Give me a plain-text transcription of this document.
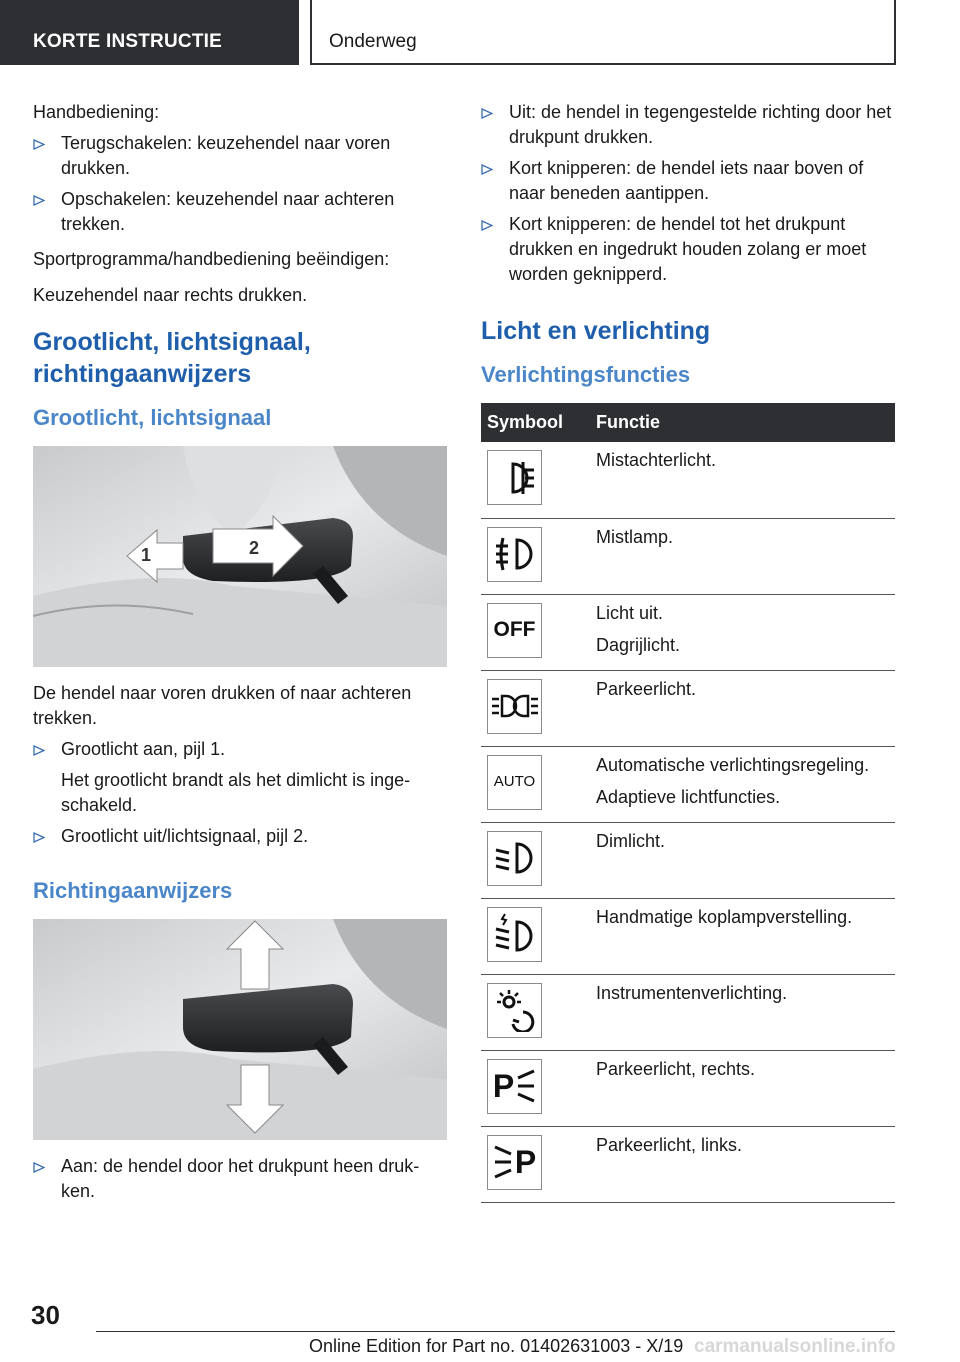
KORTE INSTRUCTIE	Onderweg

Handbediening:

Terugschakelen: keuzehendel naar voren drukken.
Opschakelen: keuzehendel naar achteren trekken.

Sportprogramma/handbediening beëindigen:

Keuzehendel naar rechts drukken.

Grootlicht, lichtsignaal, richtingaanwijzers
Grootlicht, lichtsignaal
1	2

De hendel naar voren drukken of naar achteren trekken.

Grootlicht aan, pijl 1.
Het grootlicht brandt als het dimlicht is inge-schakeld.
Grootlicht uit/lichtsignaal, pijl 2.
Richtingaanwijzers
Aan: de hendel door het drukpunt heen druk-ken.
Uit: de hendel in tegengestelde richting door het drukpunt drukken.
Kort knipperen: de hendel iets naar boven of naar beneden aantippen.
Kort knipperen: de hendel tot het drukpunt drukken en ingedrukt houden zolang er moet worden geknipperd.
Licht en verlichting
Verlichtingsfuncties
Symbool	Functie

Mistachterlicht.

Mistlamp.

OFF	Licht uit.
Dagrijlicht.

Parkeerlicht.

AUTO	Automatische verlichtingsregeling.
Adaptieve lichtfuncties.

Dimlicht.

Handmatige koplampverstelling.

Instrumentenverlichting.

P	Parkeerlicht, rechts.

P	Parkeerlicht, links.
30
Online Edition for Part no. 01402631003 - X/19 carmanualsonline.info
